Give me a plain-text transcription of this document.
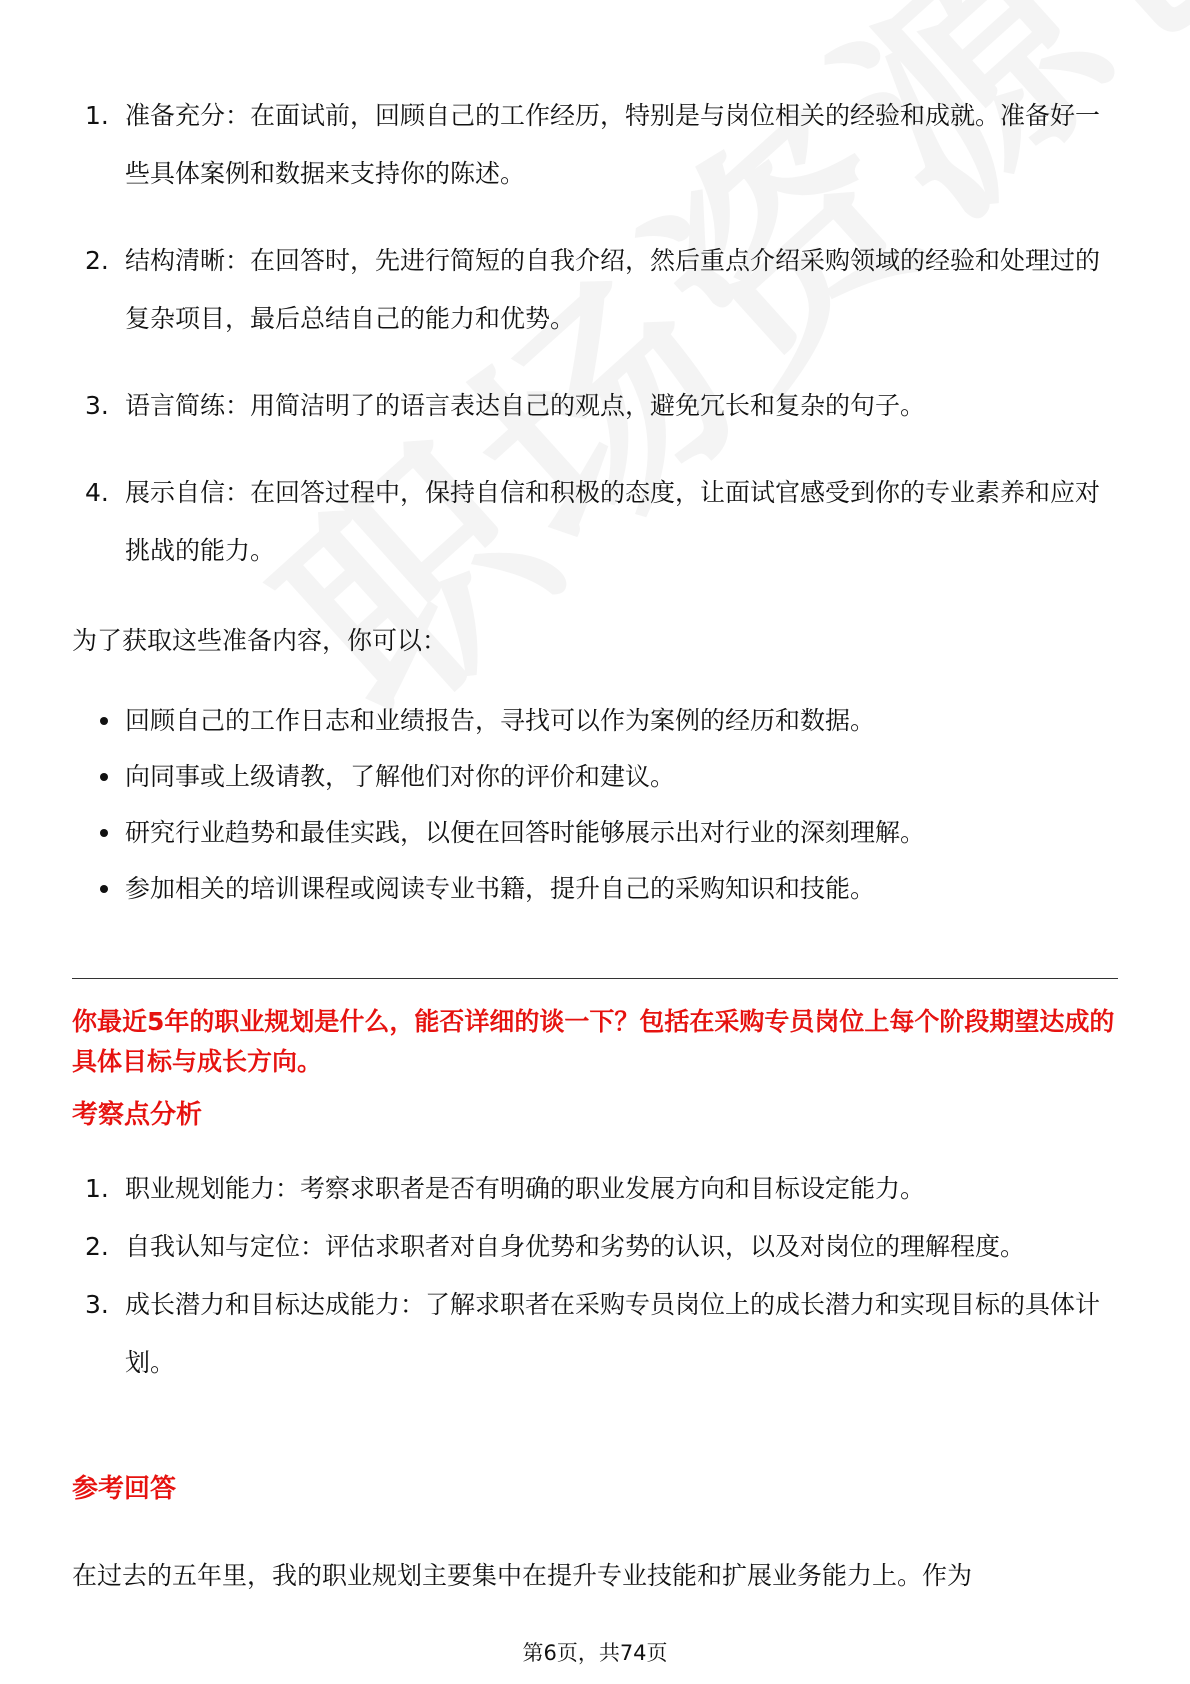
1. 准备充分：在面试前，回顾自己的工作经历，特别是与岗位相关的经验和成就。准备好一些具体案例和数据来支持你的陈述。
2. 结构清晰：在回答时，先进行简短的自我介绍，然后重点介绍采购领域的经验和处理过的复杂项目，最后总结自己的能力和优势。
3. 语言简练：用简洁明了的语言表达自己的观点，避免冗长和复杂的句子。
4. 展示自信：在回答过程中，保持自信和积极的态度，让面试官感受到你的专业素养和应对挑战的能力。

为了获取这些准备内容，你可以：

回顾自己的工作日志和业绩报告，寻找可以作为案例的经历和数据。
向同事或上级请教，了解他们对你的评价和建议。
研究行业趋势和最佳实践，以便在回答时能够展示出对行业的深刻理解。
参加相关的培训课程或阅读专业书籍，提升自己的采购知识和技能。

你最近5年的职业规划是什么，能否详细的谈一下？包括在采购专员岗位上每个阶段期望达成的具体目标与成长方向。

考察点分析
1. 职业规划能力：考察求职者是否有明确的职业发展方向和目标设定能力。
2. 自我认知与定位：评估求职者对自身优势和劣势的认识，以及对岗位的理解程度。
3. 成长潜力和目标达成能力：了解求职者在采购专员岗位上的成长潜力和实现目标的具体计划。
参考回答

在过去的五年里，我的职业规划主要集中在提升专业技能和扩展业务能力上。作为

第6页，共74页
